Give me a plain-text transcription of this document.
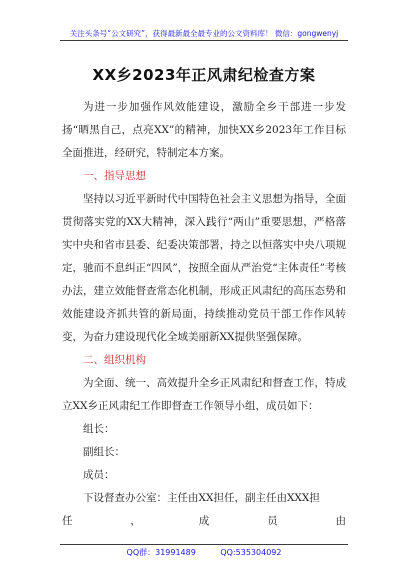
关注头条号“公文研究”，获得最新最全最专业的公文资料库！ 微信：gongwenyj
XX乡2023年正风肃纪检查方案

为进一步加强作风效能建设，激励全乡干部进一步发扬“晒黑自己，点亮XX”的精神，加快XX乡2023年工作目标全面推进，经研究，特制定本方案。

一、指导思想

坚持以习近平新时代中国特色社会主义思想为指导，全面贯彻落实党的XX大精神，深入践行“两山”重要思想，严格落实中央和省市县委、纪委决策部署，持之以恒落实中央八项规定，驰而不息纠正“四风”，按照全面从严治党“主体责任”考核办法，建立效能督查常态化机制，形成正风肃纪的高压态势和效能建设齐抓共管的新局面，持续推动党员干部工作作风转变，为奋力建设现代化全域美丽新XX提供坚强保障。

二、组织机构

为全面、统一、高效提升全乡正风肃纪和督查工作，特成立XX乡正风肃纪工作即督查工作领导小组，成员如下：

组长：

副组长：

成员：

下设督查办公室：主任由XX担任，副主任由XXX担

任	，	成	员	由
QQ群：31991489	QQ:535304092
